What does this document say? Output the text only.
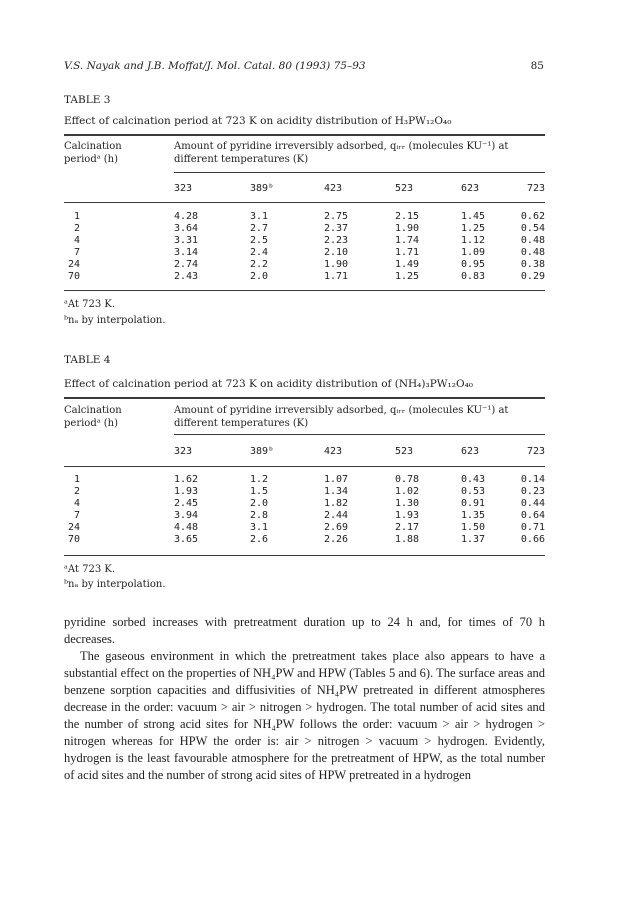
V.S. Nayak and J.B. Moffat/J. Mol. Catal. 80 (1993) 75–93	85
TABLE 3
Effect of calcination period at 723 K on acidity distribution of H₃PW₁₂O₄₀
Calcination
periodᵃ (h)
Amount of pyridine irreversibly adsorbed, qᵢᵣᵣ (molecules KU⁻¹) at
different temperatures (K)
323	389ᵇ	423	523	623	723
1	4.28	3.1	2.75	2.15	1.45	0.62
2	3.64	2.7	2.37	1.90	1.25	0.54
4	3.31	2.5	2.23	1.74	1.12	0.48
7	3.14	2.4	2.10	1.71	1.09	0.48
24	2.74	2.2	1.90	1.49	0.95	0.38
70	2.43	2.0	1.71	1.25	0.83	0.29
ᵃAt 723 K.
ᵇnₐ by interpolation.
TABLE 4
Effect of calcination period at 723 K on acidity distribution of (NH₄)₃PW₁₂O₄₀
Calcination
periodᵃ (h)
Amount of pyridine irreversibly adsorbed, qᵢᵣᵣ (molecules KU⁻¹) at
different temperatures (K)
323	389ᵇ	423	523	623	723
1	1.62	1.2	1.07	0.78	0.43	0.14
2	1.93	1.5	1.34	1.02	0.53	0.23
4	2.45	2.0	1.82	1.30	0.91	0.44
7	3.94	2.8	2.44	1.93	1.35	0.64
24	4.48	3.1	2.69	2.17	1.50	0.71
70	3.65	2.6	2.26	1.88	1.37	0.66
ᵃAt 723 K.
ᵇnₐ by interpolation.

pyridine sorbed increases with pretreatment duration up to 24 h and, for times of 70 h decreases.

The gaseous environment in which the pretreatment takes place also appears to have a substantial effect on the properties of NH₄PW and HPW (Tables 5 and 6). The surface areas and benzene sorption capacities and diffusivities of NH₄PW pretreated in different atmospheres decrease in the order: vacuum > air > nitrogen > hydrogen. The total number of acid sites and the number of strong acid sites for NH₄PW follows the order: vacuum > air > hydrogen > nitrogen whereas for HPW the order is: air > nitrogen > vacuum > hydrogen. Evidently, hydrogen is the least favourable atmosphere for the pretreatment of HPW, as the total number of acid sites and the number of strong acid sites of HPW pretreated in a hydrogen
